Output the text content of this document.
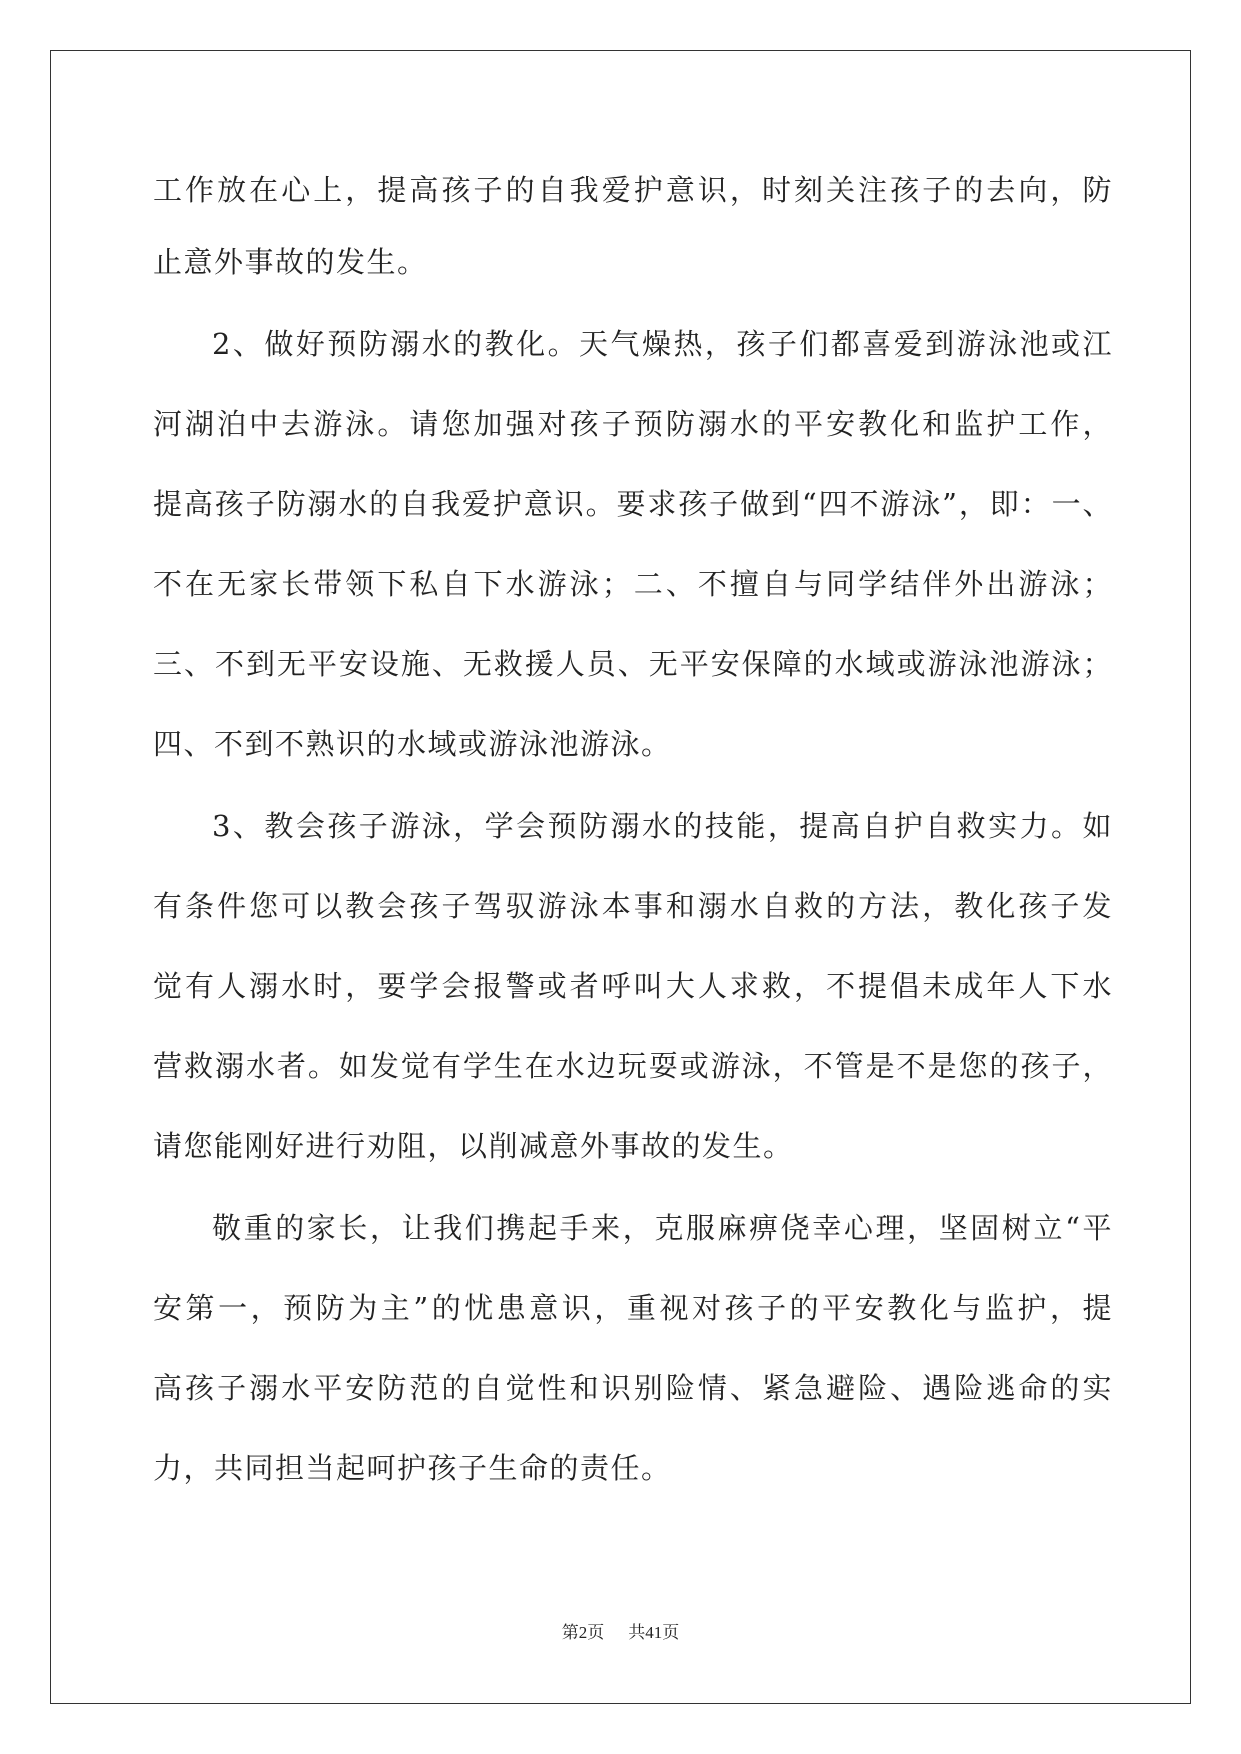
工作放在心上，提高孩子的自我爱护意识，时刻关注孩子的去向，防
止意外事故的发生。
2、做好预防溺水的教化。天气燥热，孩子们都喜爱到游泳池或江
河湖泊中去游泳。请您加强对孩子预防溺水的平安教化和监护工作，
提高孩子防溺水的自我爱护意识。要求孩子做到“四不游泳”，即：一、
不在无家长带领下私自下水游泳；二、不擅自与同学结伴外出游泳；
三、不到无平安设施、无救援人员、无平安保障的水域或游泳池游泳；
四、不到不熟识的水域或游泳池游泳。
3、教会孩子游泳，学会预防溺水的技能，提高自护自救实力。如
有条件您可以教会孩子驾驭游泳本事和溺水自救的方法，教化孩子发
觉有人溺水时，要学会报警或者呼叫大人求救，不提倡未成年人下水
营救溺水者。如发觉有学生在水边玩耍或游泳，不管是不是您的孩子，
请您能刚好进行劝阻，以削减意外事故的发生。
敬重的家长，让我们携起手来，克服麻痹侥幸心理，坚固树立“平
安第一，预防为主”的忧患意识，重视对孩子的平安教化与监护，提
高孩子溺水平安防范的自觉性和识别险情、紧急避险、遇险逃命的实
力，共同担当起呵护孩子生命的责任。
第2页 共41页
